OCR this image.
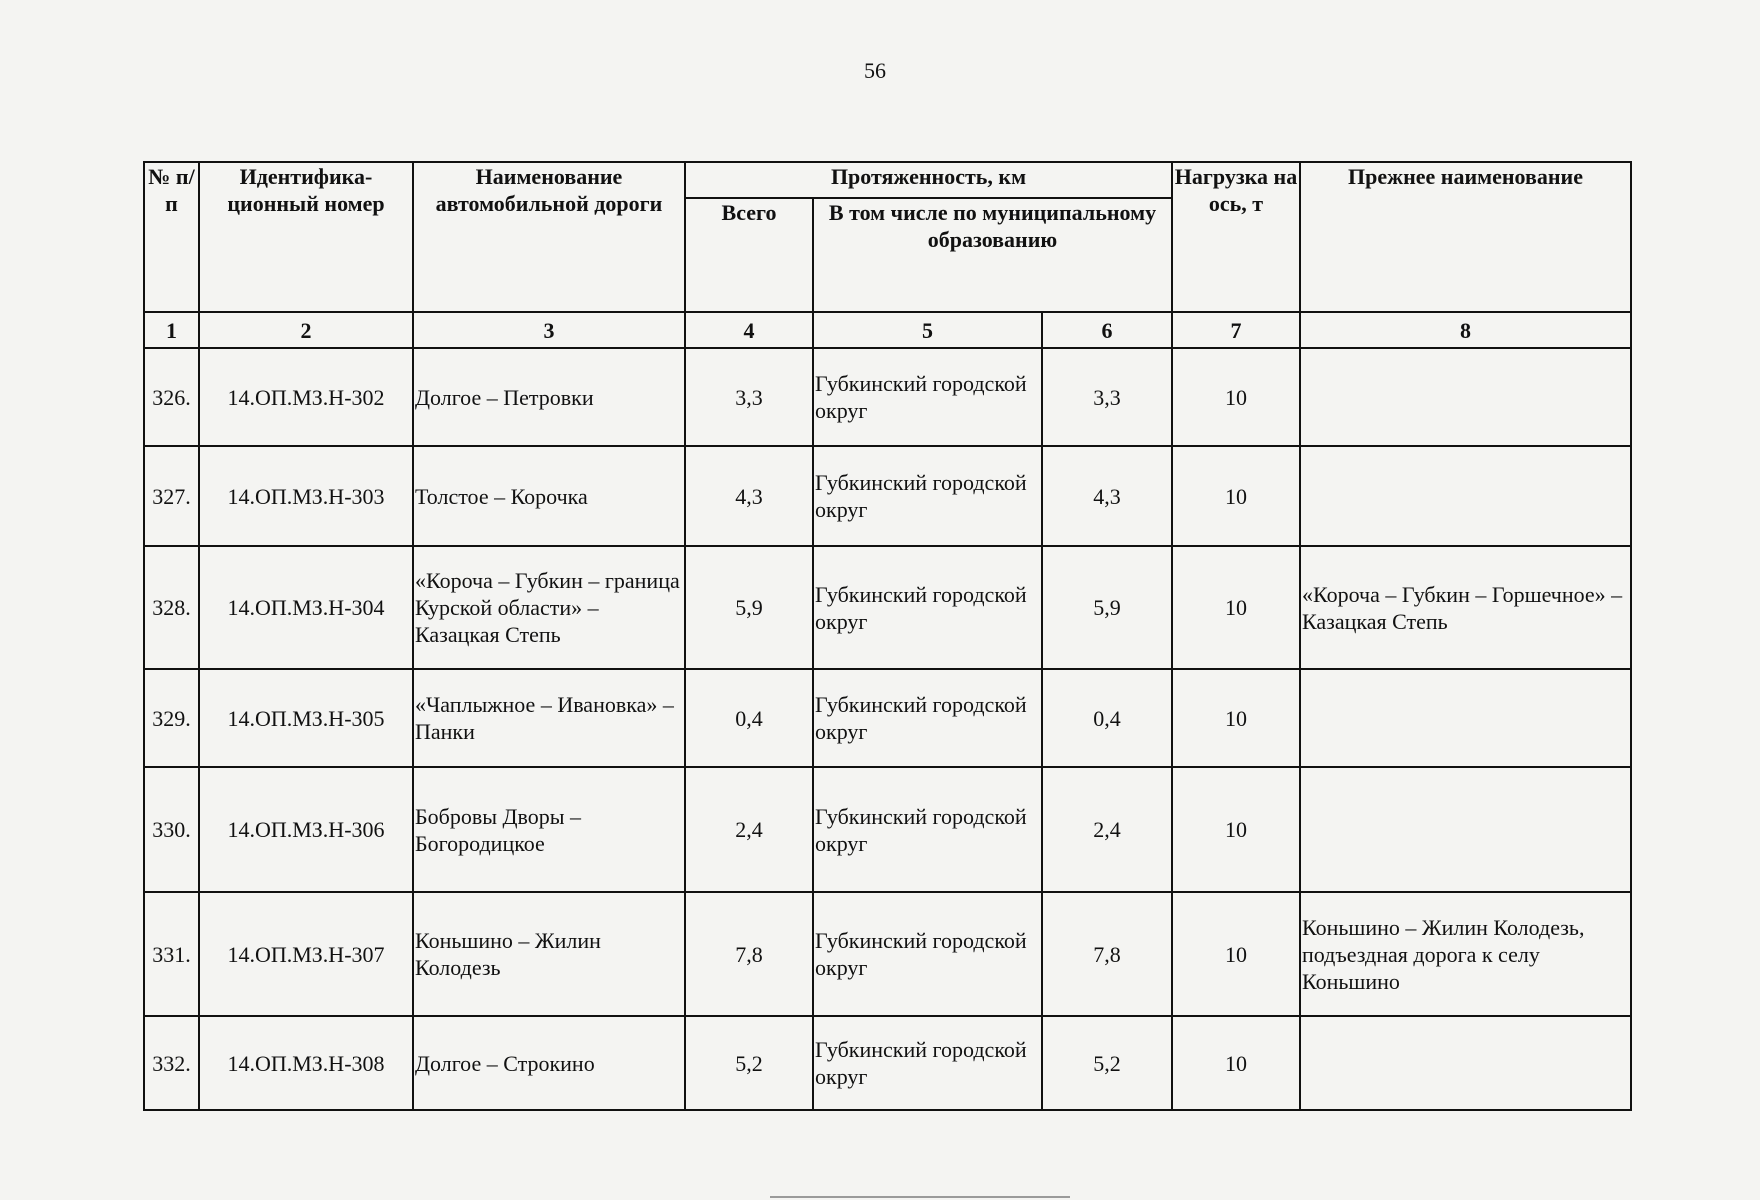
56
№ п/п	Идентифика-ционный номер	Наименование автомобильной дороги	Протяженность, км			Нагрузка на ось, т	Прежнее наименование
			Всего	В том числе по муниципальному образованию			
1	2	3	4	5	6	7	8
326.	14.ОП.МЗ.Н-302	Долгое – Петровки	3,3	Губкинский городской округ	3,3	10	
327.	14.ОП.МЗ.Н-303	Толстое – Корочка	4,3	Губкинский городской округ	4,3	10	
328.	14.ОП.МЗ.Н-304	«Короча – Губкин – граница Курской области» – Казацкая Степь	5,9	Губкинский городской округ	5,9	10	«Короча – Губкин – Горшечное» – Казацкая Степь
329.	14.ОП.МЗ.Н-305	«Чаплыжное – Ивановка» – Панки	0,4	Губкинский городской округ	0,4	10	
330.	14.ОП.МЗ.Н-306	Бобровы Дворы – Богородицкое	2,4	Губкинский городской округ	2,4	10	
331.	14.ОП.МЗ.Н-307	Коньшино – Жилин Колодезь	7,8	Губкинский городской округ	7,8	10	Коньшино – Жилин Колодезь, подъездная дорога к селу Коньшино
332.	14.ОП.МЗ.Н-308	Долгое – Строкино	5,2	Губкинский городской округ	5,2	10	
